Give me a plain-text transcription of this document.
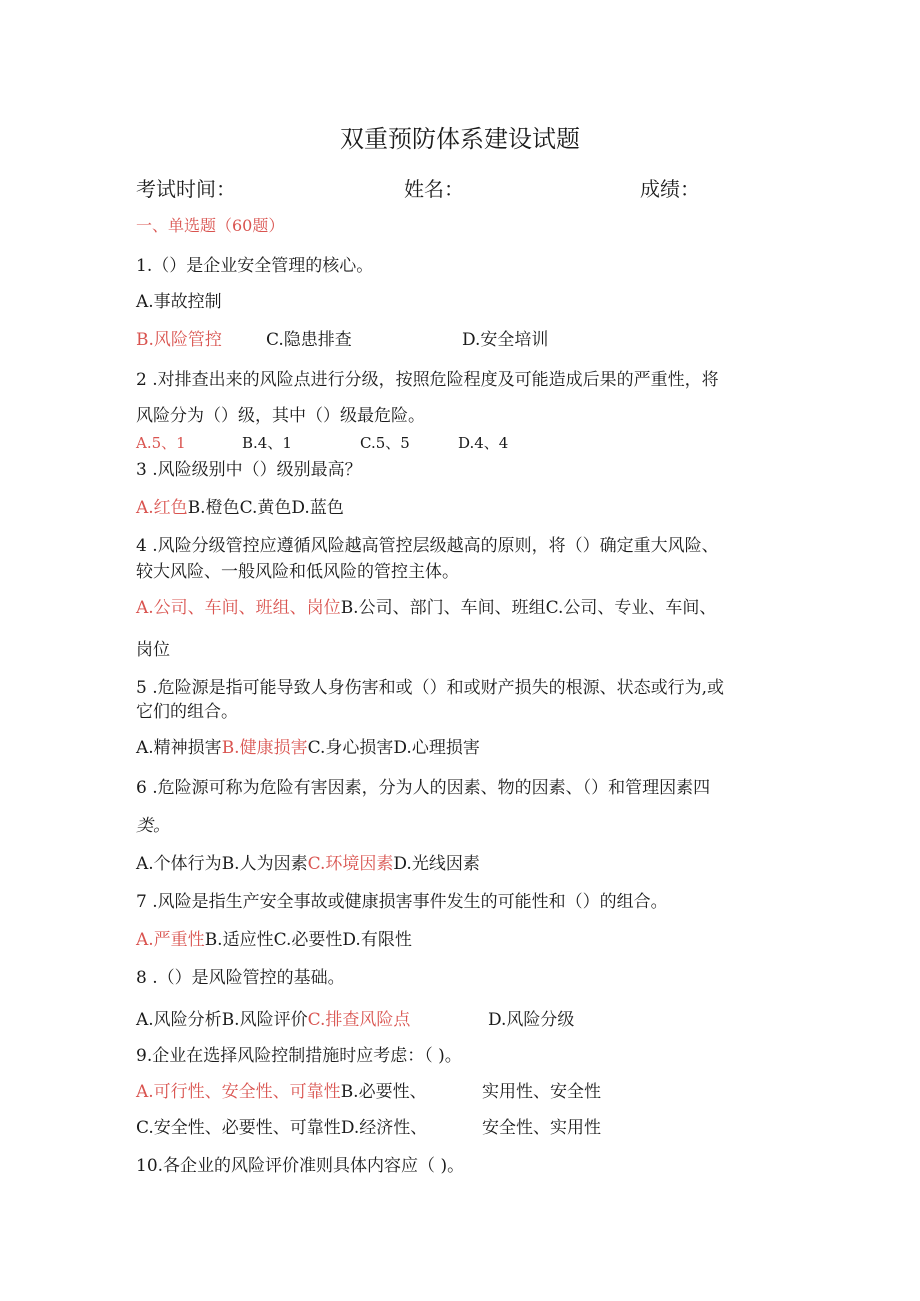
双重预防体系建设试题
考试时间：	姓名：	成绩：
一、单选题（60题）
1.（）是企业安全管理的核心。
A.事故控制
B.风险管控	C.隐患排查	D.安全培训
2 .对排查出来的风险点进行分级，按照危险程度及可能造成后果的严重性，将
风险分为（）级，其中（）级最危险。
A.5、1	B.4、1	C.5、5	D.4、4
3 .风险级别中（）级别最高？
A.红色B.橙色C.黄色D.蓝色
4 .风险分级管控应遵循风险越高管控层级越高的原则，将（）确定重大风险、
较大风险、一般风险和低风险的管控主体。
A.公司、车间、班组、岗位B.公司、部门、车间、班组C.公司、专业、车间、
岗位
5 .危险源是指可能导致人身伤害和或（）和或财产损失的根源、状态或行为,或
它们的组合。
A.精神损害B.健康损害C.身心损害D.心理损害
6 .危险源可称为危险有害因素，分为人的因素、物的因素、（）和管理因素四
类。
A.个体行为B.人为因素C.环境因素D.光线因素
7 .风险是指生产安全事故或健康损害事件发生的可能性和（）的组合。
A.严重性B.适应性C.必要性D.有限性
8 .（）是风险管控的基础。
A.风险分析B.风险评价C.排查风险点	D.风险分级
9.企业在选择风险控制措施时应考虑：（ )。
A.可行性、安全性、可靠性B.必要性、	实用性、安全性
C.安全性、必要性、可靠性D.经济性、	安全性、实用性
10.各企业的风险评价准则具体内容应（ )。
